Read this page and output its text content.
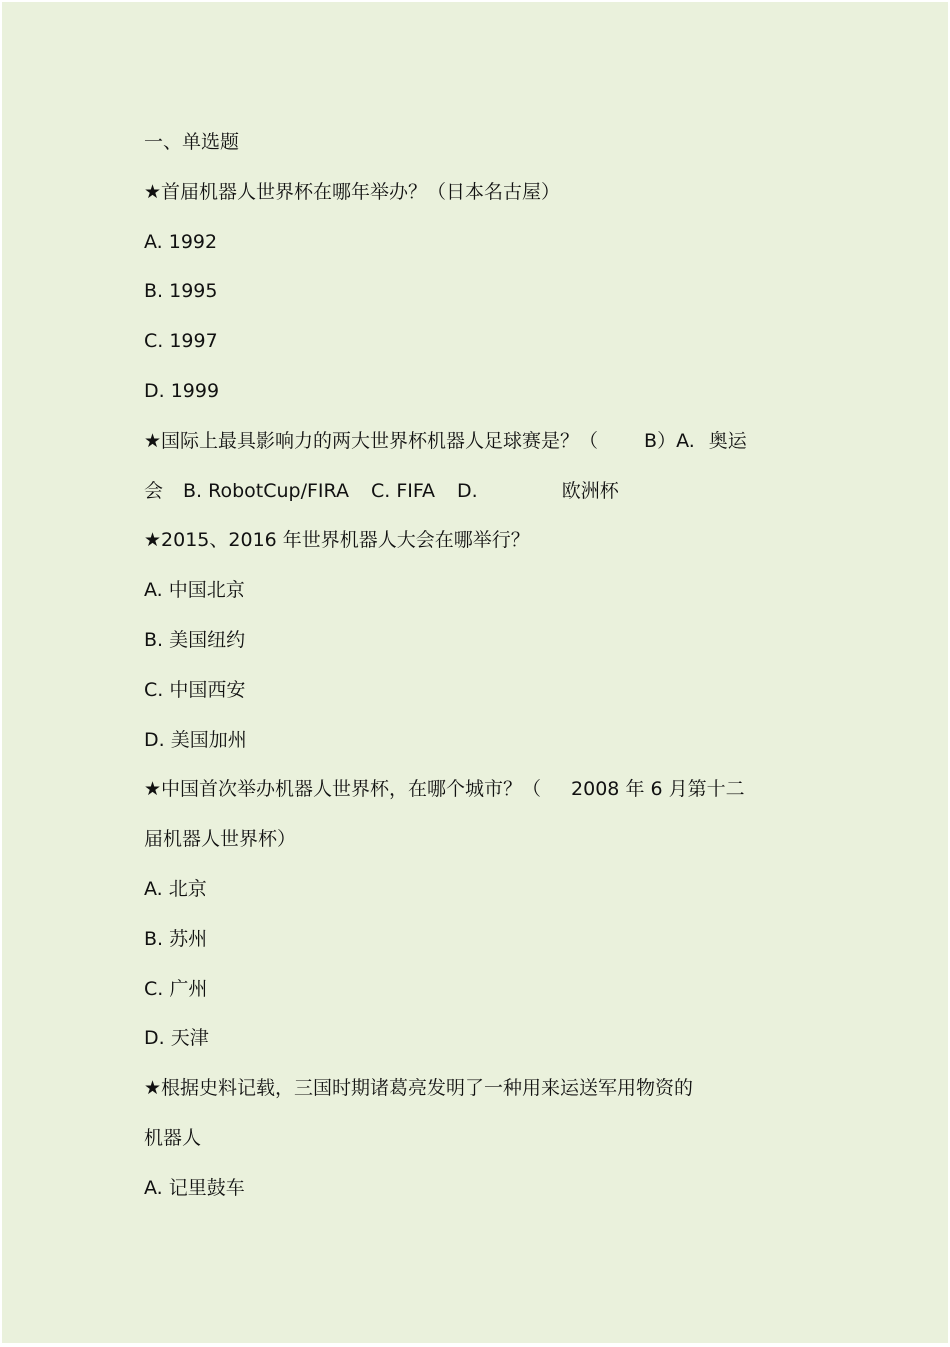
一、单选题
★首届机器人世界杯在哪年举办？（日本名古屋）
A. 1992
B. 1995
C. 1997
D. 1999
★国际上最具影响力的两大世界杯机器人足球赛是？（ B）A. 奥运
会 B. RobotCup/FIRA C. FIFA D.	欧洲杯
★2015、2016 年世界机器人大会在哪举行？
A. 中国北京
B. 美国纽约
C. 中国西安
D. 美国加州
★中国首次举办机器人世界杯，在哪个城市？（ 2008 年 6 月第十二
届机器人世界杯）
A. 北京
B. 苏州
C. 广州
D. 天津
★根据史料记载，三国时期诸葛亮发明了一种用来运送军用物资的
机器人
A. 记里鼓车
